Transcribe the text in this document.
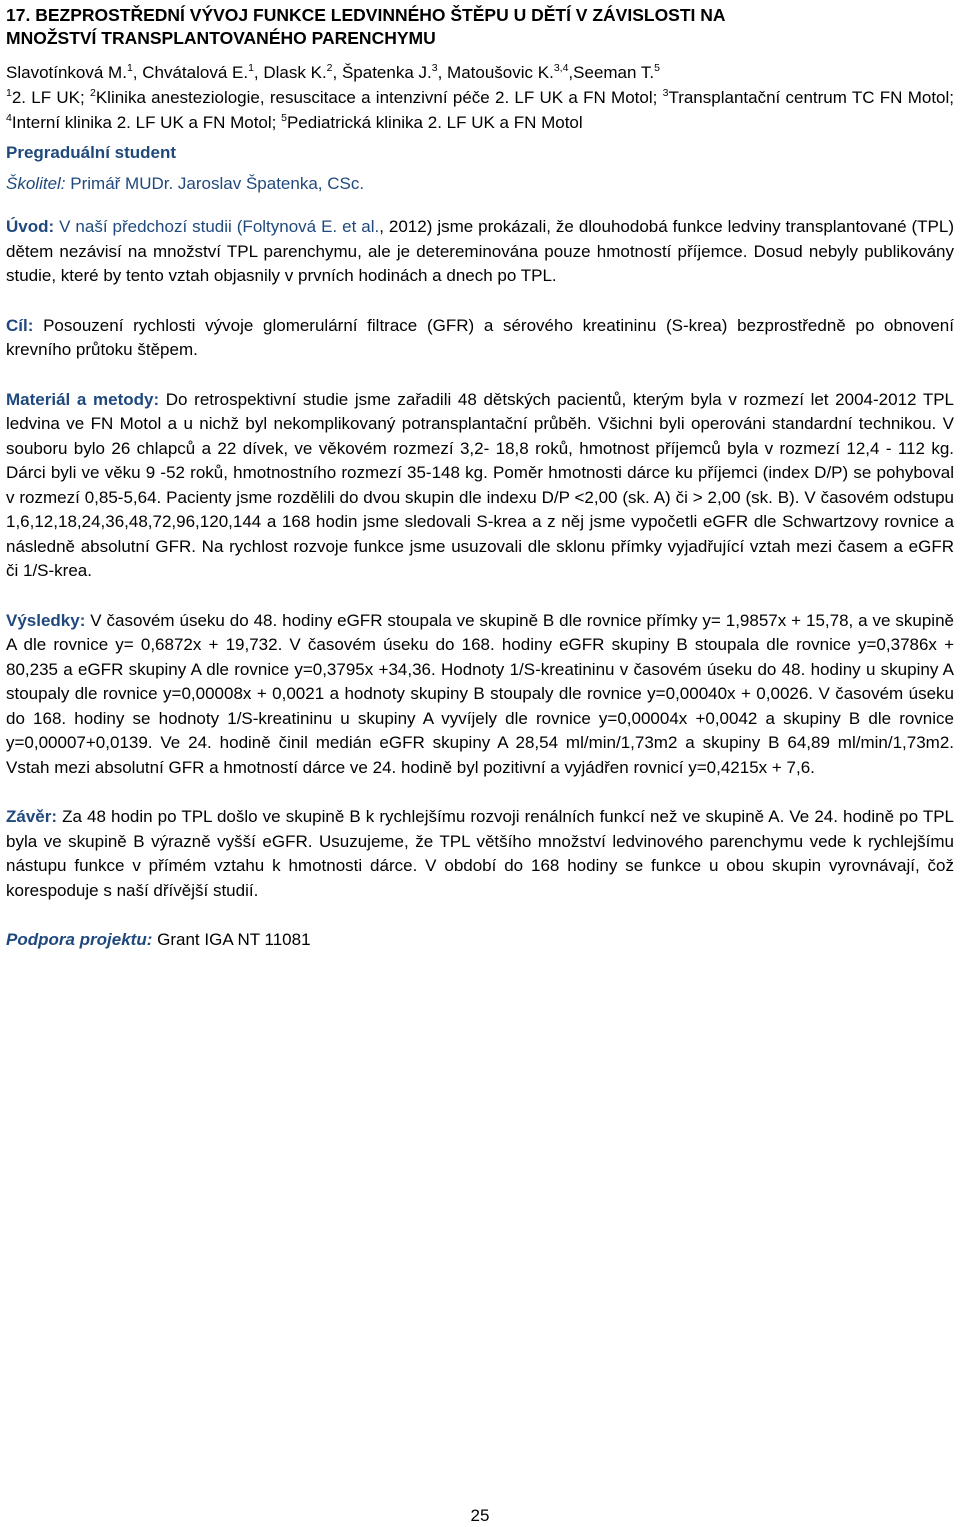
17. BEZPROSTŘEDNÍ VÝVOJ FUNKCE LEDVINNÉHO ŠTĚPU U DĚTÍ V ZÁVISLOSTI NA
MNOŽSTVÍ TRANSPLANTOVANÉHO PARENCHYMU
Slavotínková M.$^1$, Chvátalová E.$^1$, Dlask K.$^2$, Špatenka J.$^3$, Matoušovic K.$^{3,4}$,Seeman T.$^5$
$^1$2. LF UK; $^2$Klinika anesteziologie, resuscitace a intenzivní péče 2. LF UK a FN Motol; $^3$Transplantační centrum TC FN Motol; $^4$Interní klinika 2. LF UK a FN Motol; $^5$Pediatrická klinika 2. LF UK a FN Motol
Pregraduální student
Školitel: Primář MUDr. Jaroslav Špatenka, CSc.

Úvod: V naší předchozí studii (Foltynová E. et al., 2012) jsme prokázali, že dlouhodobá funkce ledviny transplantované (TPL) dětem nezávisí na množství TPL parenchymu, ale je detereminována pouze hmotností příjemce. Dosud nebyly publikovány studie, které by tento vztah objasnily v prvních hodinách a dnech po TPL.

Cíl: Posouzení rychlosti vývoje glomerulární filtrace (GFR) a sérového kreatininu (S-krea) bezprostředně po obnovení krevního průtoku štěpem.

Materiál a metody: Do retrospektivní studie jsme zařadili 48 dětských pacientů, kterým byla v rozmezí let 2004-2012 TPL ledvina ve FN Motol a u nichž byl nekomplikovaný potransplantační průběh. Všichni byli operováni standardní technikou. V souboru bylo 26 chlapců a 22 dívek, ve věkovém rozmezí 3,2- 18,8 roků, hmotnost příjemců byla v rozmezí 12,4 - 112 kg. Dárci byli ve věku 9 -52 roků, hmotnostního rozmezí 35-148 kg. Poměr hmotnosti dárce ku příjemci (index D/P) se pohyboval v rozmezí 0,85-5,64. Pacienty jsme rozdělili do dvou skupin dle indexu D/P <2,00 (sk. A) či > 2,00 (sk. B). V časovém odstupu 1,6,12,18,24,36,48,72,96,120,144 a 168 hodin jsme sledovali S-krea a z něj jsme vypočetli eGFR dle Schwartzovy rovnice a následně absolutní GFR. Na rychlost rozvoje funkce jsme usuzovali dle sklonu přímky vyjadřující vztah mezi časem a eGFR či 1/S-krea.

Výsledky: V časovém úseku do 48. hodiny eGFR stoupala ve skupině B dle rovnice přímky y= 1,9857x + 15,78, a ve skupině A dle rovnice y= 0,6872x + 19,732. V časovém úseku do 168. hodiny eGFR skupiny B stoupala dle rovnice y=0,3786x + 80,235 a eGFR skupiny A dle rovnice y=0,3795x +34,36. Hodnoty 1/S-kreatininu v časovém úseku do 48. hodiny u skupiny A stoupaly dle rovnice y=0,00008x + 0,0021 a hodnoty skupiny B stoupaly dle rovnice y=0,00040x + 0,0026. V časovém úseku do 168. hodiny se hodnoty 1/S-kreatininu u skupiny A vyvíjely dle rovnice y=0,00004x +0,0042 a skupiny B dle rovnice y=0,00007+0,0139. Ve 24. hodině činil medián eGFR skupiny A 28,54 ml/min/1,73m2 a skupiny B 64,89 ml/min/1,73m2. Vstah mezi absolutní GFR a hmotností dárce ve 24. hodině byl pozitivní a vyjádřen rovnicí y=0,4215x + 7,6.

Závěr: Za 48 hodin po TPL došlo ve skupině B k rychlejšímu rozvoji renálních funkcí než ve skupině A. Ve 24. hodině po TPL byla ve skupině B výrazně vyšší eGFR. Usuzujeme, že TPL většího množství ledvinového parenchymu vede k rychlejšímu nástupu funkce v přímém vztahu k hmotnosti dárce. V období do 168 hodiny se funkce u obou skupin vyrovnávají, čož korespoduje s naší dřívější studií.

Podpora projektu: Grant IGA NT 11081

25
